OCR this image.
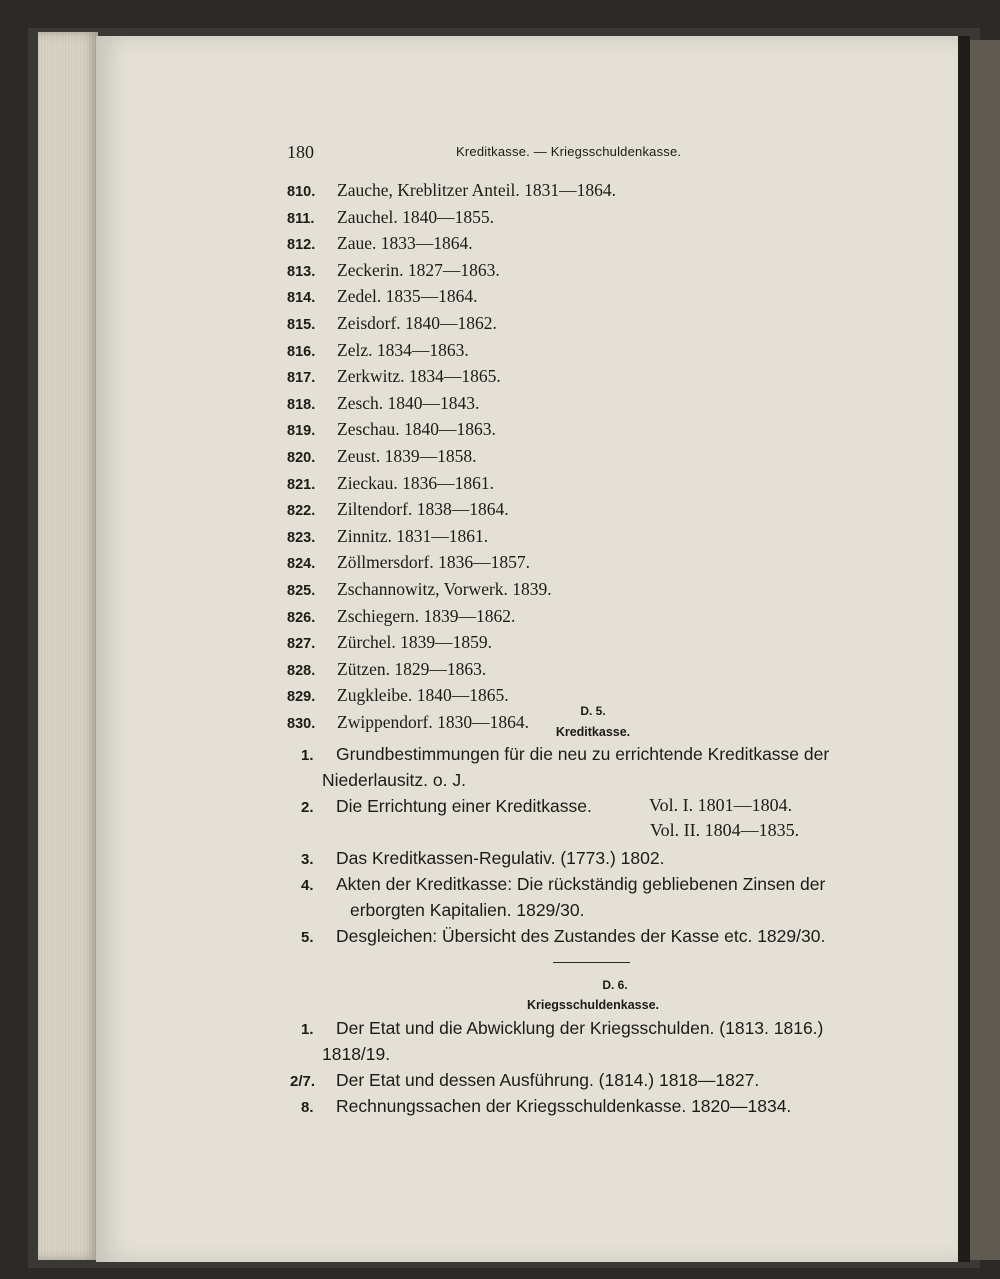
180	Kreditkasse. — Kriegsschuldenkasse.
810. Zauche, Kreblitzer Anteil. 1831—1864.
811. Zauchel. 1840—1855.
812. Zaue. 1833—1864.
813. Zeckerin. 1827—1863.
814. Zedel. 1835—1864.
815. Zeisdorf. 1840—1862.
816. Zelz. 1834—1863.
817. Zerkwitz. 1834—1865.
818. Zesch. 1840—1843.
819. Zeschau. 1840—1863.
820. Zeust. 1839—1858.
821. Zieckau. 1836—1861.
822. Ziltendorf. 1838—1864.
823. Zinnitz. 1831—1861.
824. Zöllmersdorf. 1836—1857.
825. Zschannowitz, Vorwerk. 1839.
826. Zschiegern. 1839—1862.
827. Zürchel. 1839—1859.
828. Zützen. 1829—1863.
829. Zugkleibe. 1840—1865.
830. Zwippendorf. 1830—1864.
D. 5.
Kreditkasse.
1. Grundbestimmungen für die neu zu errichtende Kreditkasse der
Niederlausitz. o. J.
2. Die Errichtung einer Kreditkasse.	Vol. I. 1801—1804.
Vol. II. 1804—1835.
3. Das Kreditkassen-Regulativ. (1773.) 1802.
4. Akten der Kreditkasse: Die rückständig gebliebenen Zinsen der
erborgten Kapitalien. 1829/30.
5. Desgleichen: Übersicht des Zustandes der Kasse etc. 1829/30.
D. 6.
Kriegsschuldenkasse.
1. Der Etat und die Abwicklung der Kriegsschulden. (1813. 1816.)
1818/19.
2/7. Der Etat und dessen Ausführung. (1814.) 1818—1827.
8. Rechnungssachen der Kriegsschuldenkasse. 1820—1834.
